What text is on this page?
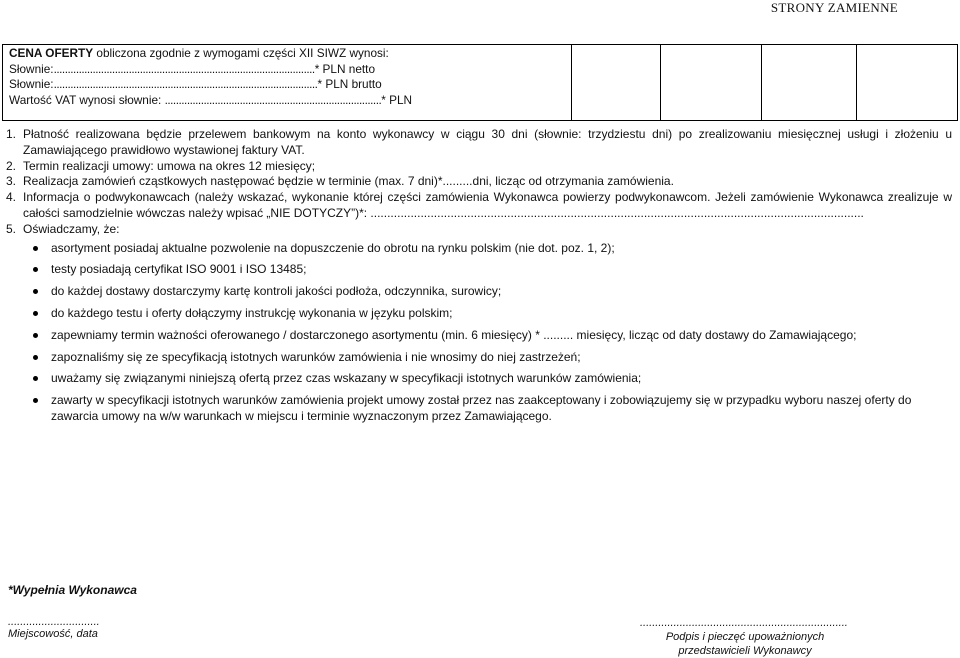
STRONY ZAMIENNE
CENA OFERTY obliczona zgodnie z wymogami części XII SIWZ wynosi:
Słownie:..............................................................................................* PLN netto
Słownie:...............................................................................................* PLN brutto
Wartość VAT wynosi słownie: ..............................................................................* PLN

1. Płatność realizowana będzie przelewem bankowym na konto wykonawcy w ciągu 30 dni (słownie: trzydziestu dni) po zrealizowaniu miesięcznej usługi i złożeniu u Zamawiającego prawidłowo wystawionej faktury VAT.

2. Termin realizacji umowy: umowa na okres 12 miesięcy;

3. Realizacja zamówień cząstkowych następować będzie w terminie (max. 7 dni)*.........dni, licząc od otrzymania zamówienia.

4. Informacja o podwykonawcach (należy wskazać, wykonanie której części zamówienia Wykonawca powierzy podwykonawcom. Jeżeli zamówienie Wykonawca zrealizuje w całości samodzielnie wówczas należy wpisać „NIE DOTYCZY”)*: ....................................................................................................................................................

5. Oświadczamy, że:

asortyment posiadaj aktualne pozwolenie na dopuszczenie do obrotu na rynku polskim (nie dot. poz. 1, 2);
testy posiadają certyfikat ISO 9001 i ISO 13485;
do każdej dostawy dostarczymy kartę kontroli jakości podłoża, odczynnika, surowicy;
do każdego testu i oferty dołączymy instrukcję wykonania w języku polskim;
zapewniamy termin ważności oferowanego / dostarczonego asortymentu (min. 6 miesięcy) * ......... miesięcy, licząc od daty dostawy do Zamawiającego;
zapoznaliśmy się ze specyfikacją istotnych warunków zamówienia i nie wnosimy do niej zastrzeżeń;
uważamy się związanymi niniejszą ofertą przez czas wskazany w specyfikacji istotnych warunków zamówienia;
zawarty w specyfikacji istotnych warunków zamówienia projekt umowy został przez nas zaakceptowany i zobowiązujemy się w przypadku wyboru naszej oferty do zawarcia umowy na w/w warunkach w miejscu i terminie wyznaczonym przez Zamawiającego.
*Wypełnia Wykonawca
..............................
Miejscowość, data
....................................................................
Podpis i pieczęć upoważnionych przedstawicieli Wykonawcy
